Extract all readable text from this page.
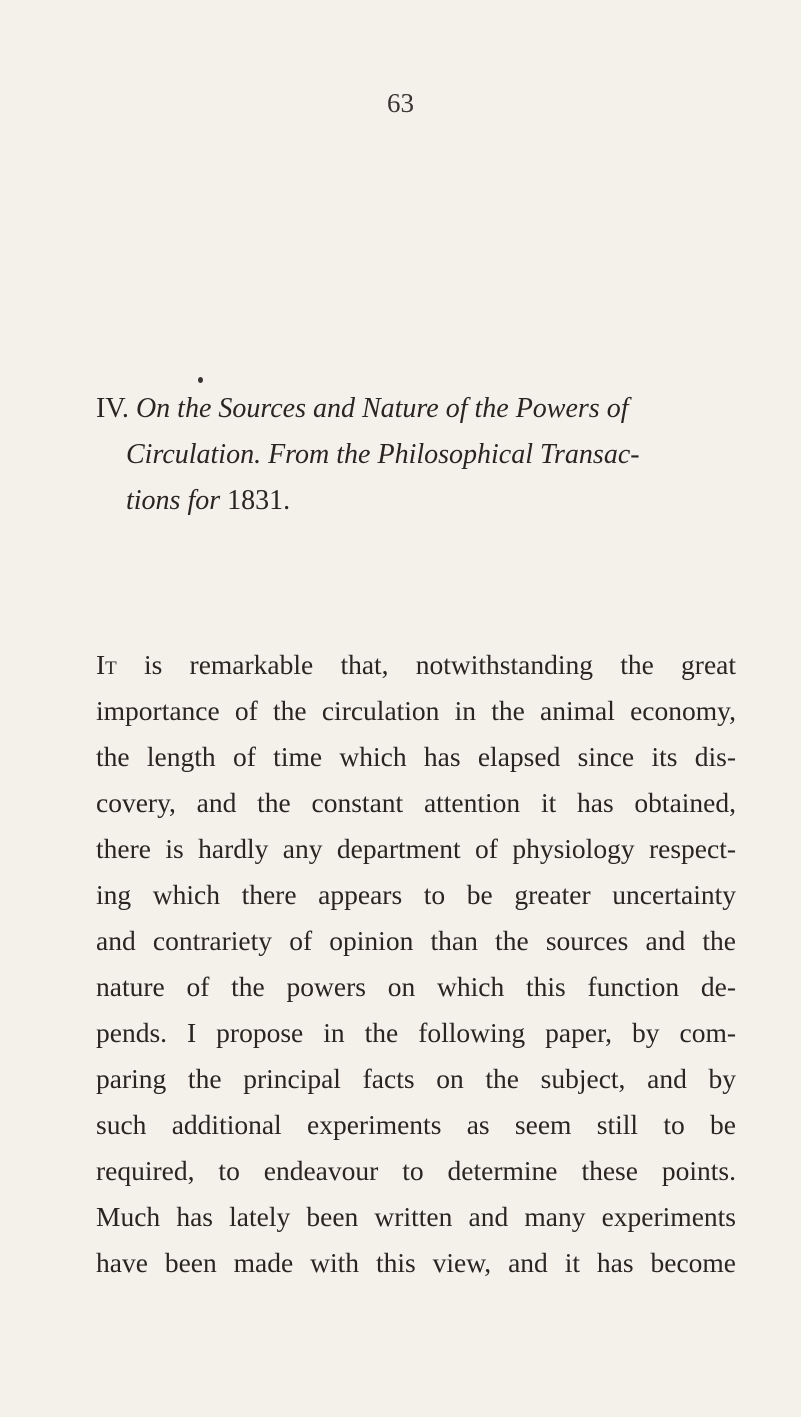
63
IV. On the Sources and Nature of the Powers of
Circulation. From the Philosophical Transac-
tions for 1831.
It is remarkable that, notwithstanding the great
importance of the circulation in the animal economy,
the length of time which has elapsed since its dis-
covery, and the constant attention it has obtained,
there is hardly any department of physiology respect-
ing which there appears to be greater uncertainty
and contrariety of opinion than the sources and the
nature of the powers on which this function de-
pends. I propose in the following paper, by com-
paring the principal facts on the subject, and by
such additional experiments as seem still to be
required, to endeavour to determine these points.
Much has lately been written and many experiments
have been made with this view, and it has become
